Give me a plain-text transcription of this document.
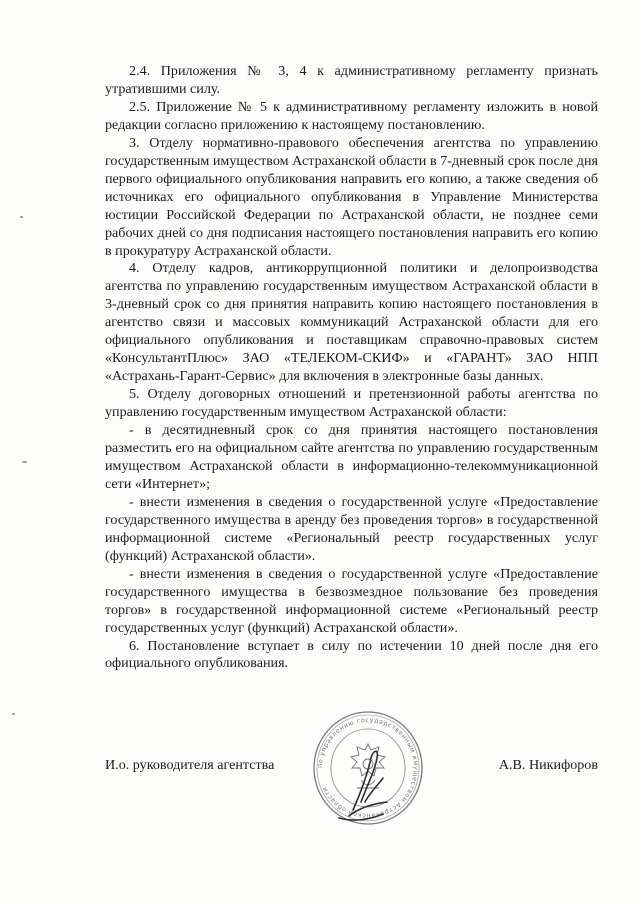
2.4. Приложения № 3, 4 к административному регламенту признать утратившими силу.

2.5. Приложение № 5 к административному регламенту изложить в новой редакции согласно приложению к настоящему постановлению.

3. Отделу нормативно-правового обеспечения агентства по управлению государственным имуществом Астраханской области в 7-дневный срок после дня первого официального опубликования направить его копию, а также сведения об источниках его официального опубликования в Управление Министерства юстиции Российской Федерации по Астраханской области, не позднее семи рабочих дней со дня подписания настоящего постановления направить его копию в прокуратуру Астраханской области.

4. Отделу кадров, антикоррупционной политики и делопроизводства агентства по управлению государственным имуществом Астраханской области в 3-дневный срок со дня принятия направить копию настоящего постановления в агентство связи и массовых коммуникаций Астраханской области для его официального опубликования и поставщикам справочно-правовых систем «КонсультантПлюс» ЗАО «ТЕЛЕКОМ-СКИФ» и «ГАРАНТ» ЗАО НПП «Астрахань-Гарант-Сервис» для включения в электронные базы данных.

5. Отделу договорных отношений и претензионной работы агентства по управлению государственным имуществом Астраханской области:

- в десятидневный срок со дня принятия настоящего постановления разместить его на официальном сайте агентства по управлению государственным имуществом Астраханской области в информационно-телекоммуникационной сети «Интернет»;

- внести изменения в сведения о государственной услуге «Предоставление государственного имущества в аренду без проведения торгов» в государственной информационной системе «Региональный реестр государственных услуг (функций) Астраханской области».

- внести изменения в сведения о государственной услуге «Предоставление государственного имущества в безвозмездное пользование без проведения торгов» в государственной информационной системе «Региональный реестр государственных услуг (функций) Астраханской области».

6. Постановление вступает в силу по истечении 10 дней после дня его официального опубликования.

по управлению государственным имуществом Астраханской области
И.о. руководителя агентства	А.В. Никифоров
